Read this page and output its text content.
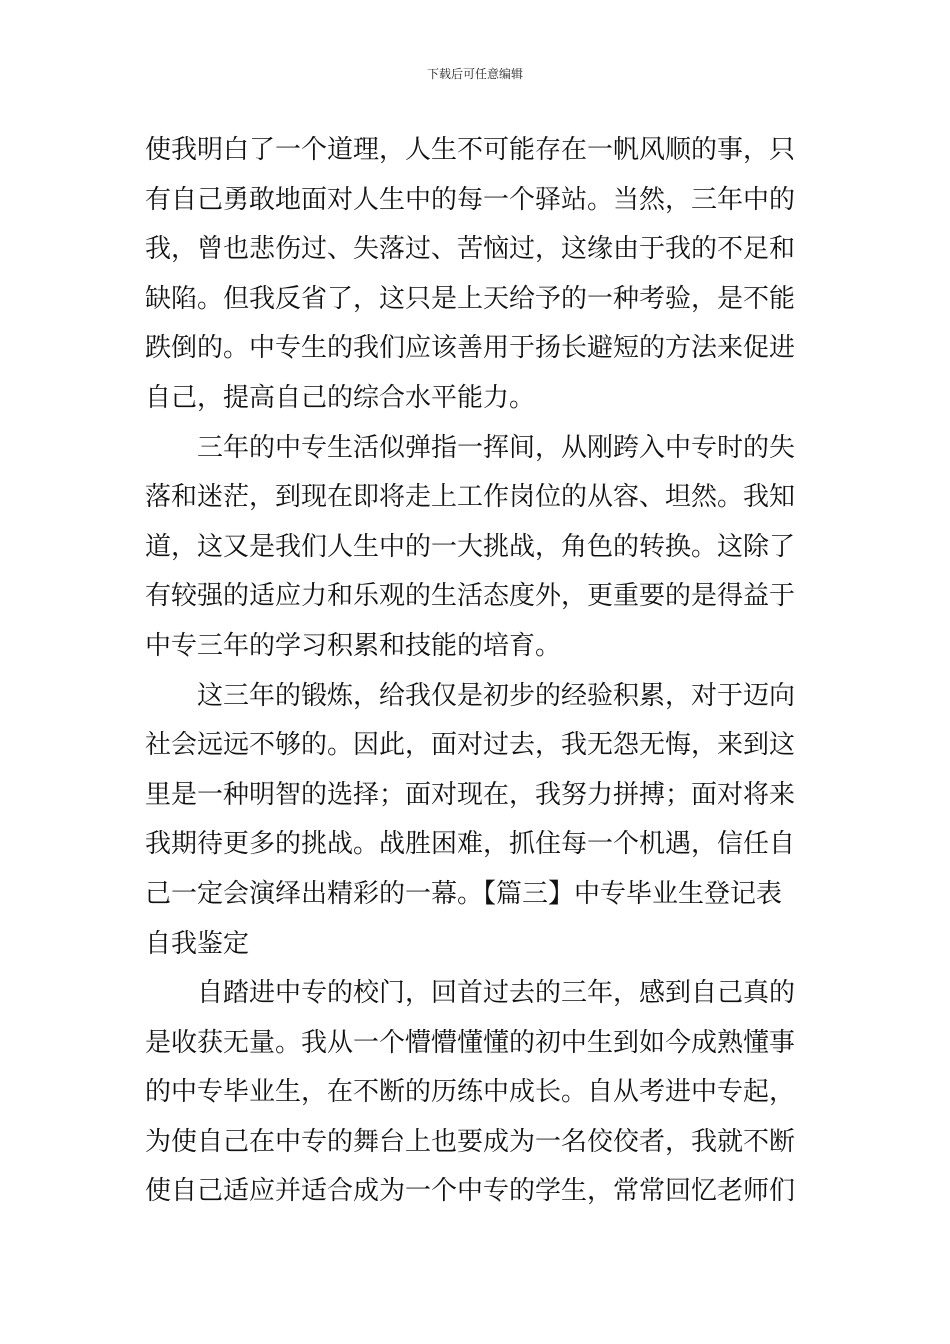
下载后可任意编辑
使我明白了一个道理，人生不可能存在一帆风顺的事，只
有自己勇敢地面对人生中的每一个驿站。当然，三年中的
我，曾也悲伤过、失落过、苦恼过，这缘由于我的不足和
缺陷。但我反省了，这只是上天给予的一种考验，是不能
跌倒的。中专生的我们应该善用于扬长避短的方法来促进
自己，提高自己的综合水平能力。
三年的中专生活似弹指一挥间，从刚跨入中专时的失
落和迷茫，到现在即将走上工作岗位的从容、坦然。我知
道，这又是我们人生中的一大挑战，角色的转换。这除了
有较强的适应力和乐观的生活态度外，更重要的是得益于
中专三年的学习积累和技能的培育。
这三年的锻炼，给我仅是初步的经验积累，对于迈向
社会远远不够的。因此，面对过去，我无怨无悔，来到这
里是一种明智的选择；面对现在，我努力拼搏；面对将来
我期待更多的挑战。战胜困难，抓住每一个机遇，信任自
己一定会演绎出精彩的一幕。【篇三】中专毕业生登记表
自我鉴定
自踏进中专的校门，回首过去的三年，感到自己真的
是收获无量。我从一个懵懵懂懂的初中生到如今成熟懂事
的中专毕业生，在不断的历练中成长。自从考进中专起，
为使自己在中专的舞台上也要成为一名佼佼者，我就不断
使自己适应并适合成为一个中专的学生，常常回忆老师们
